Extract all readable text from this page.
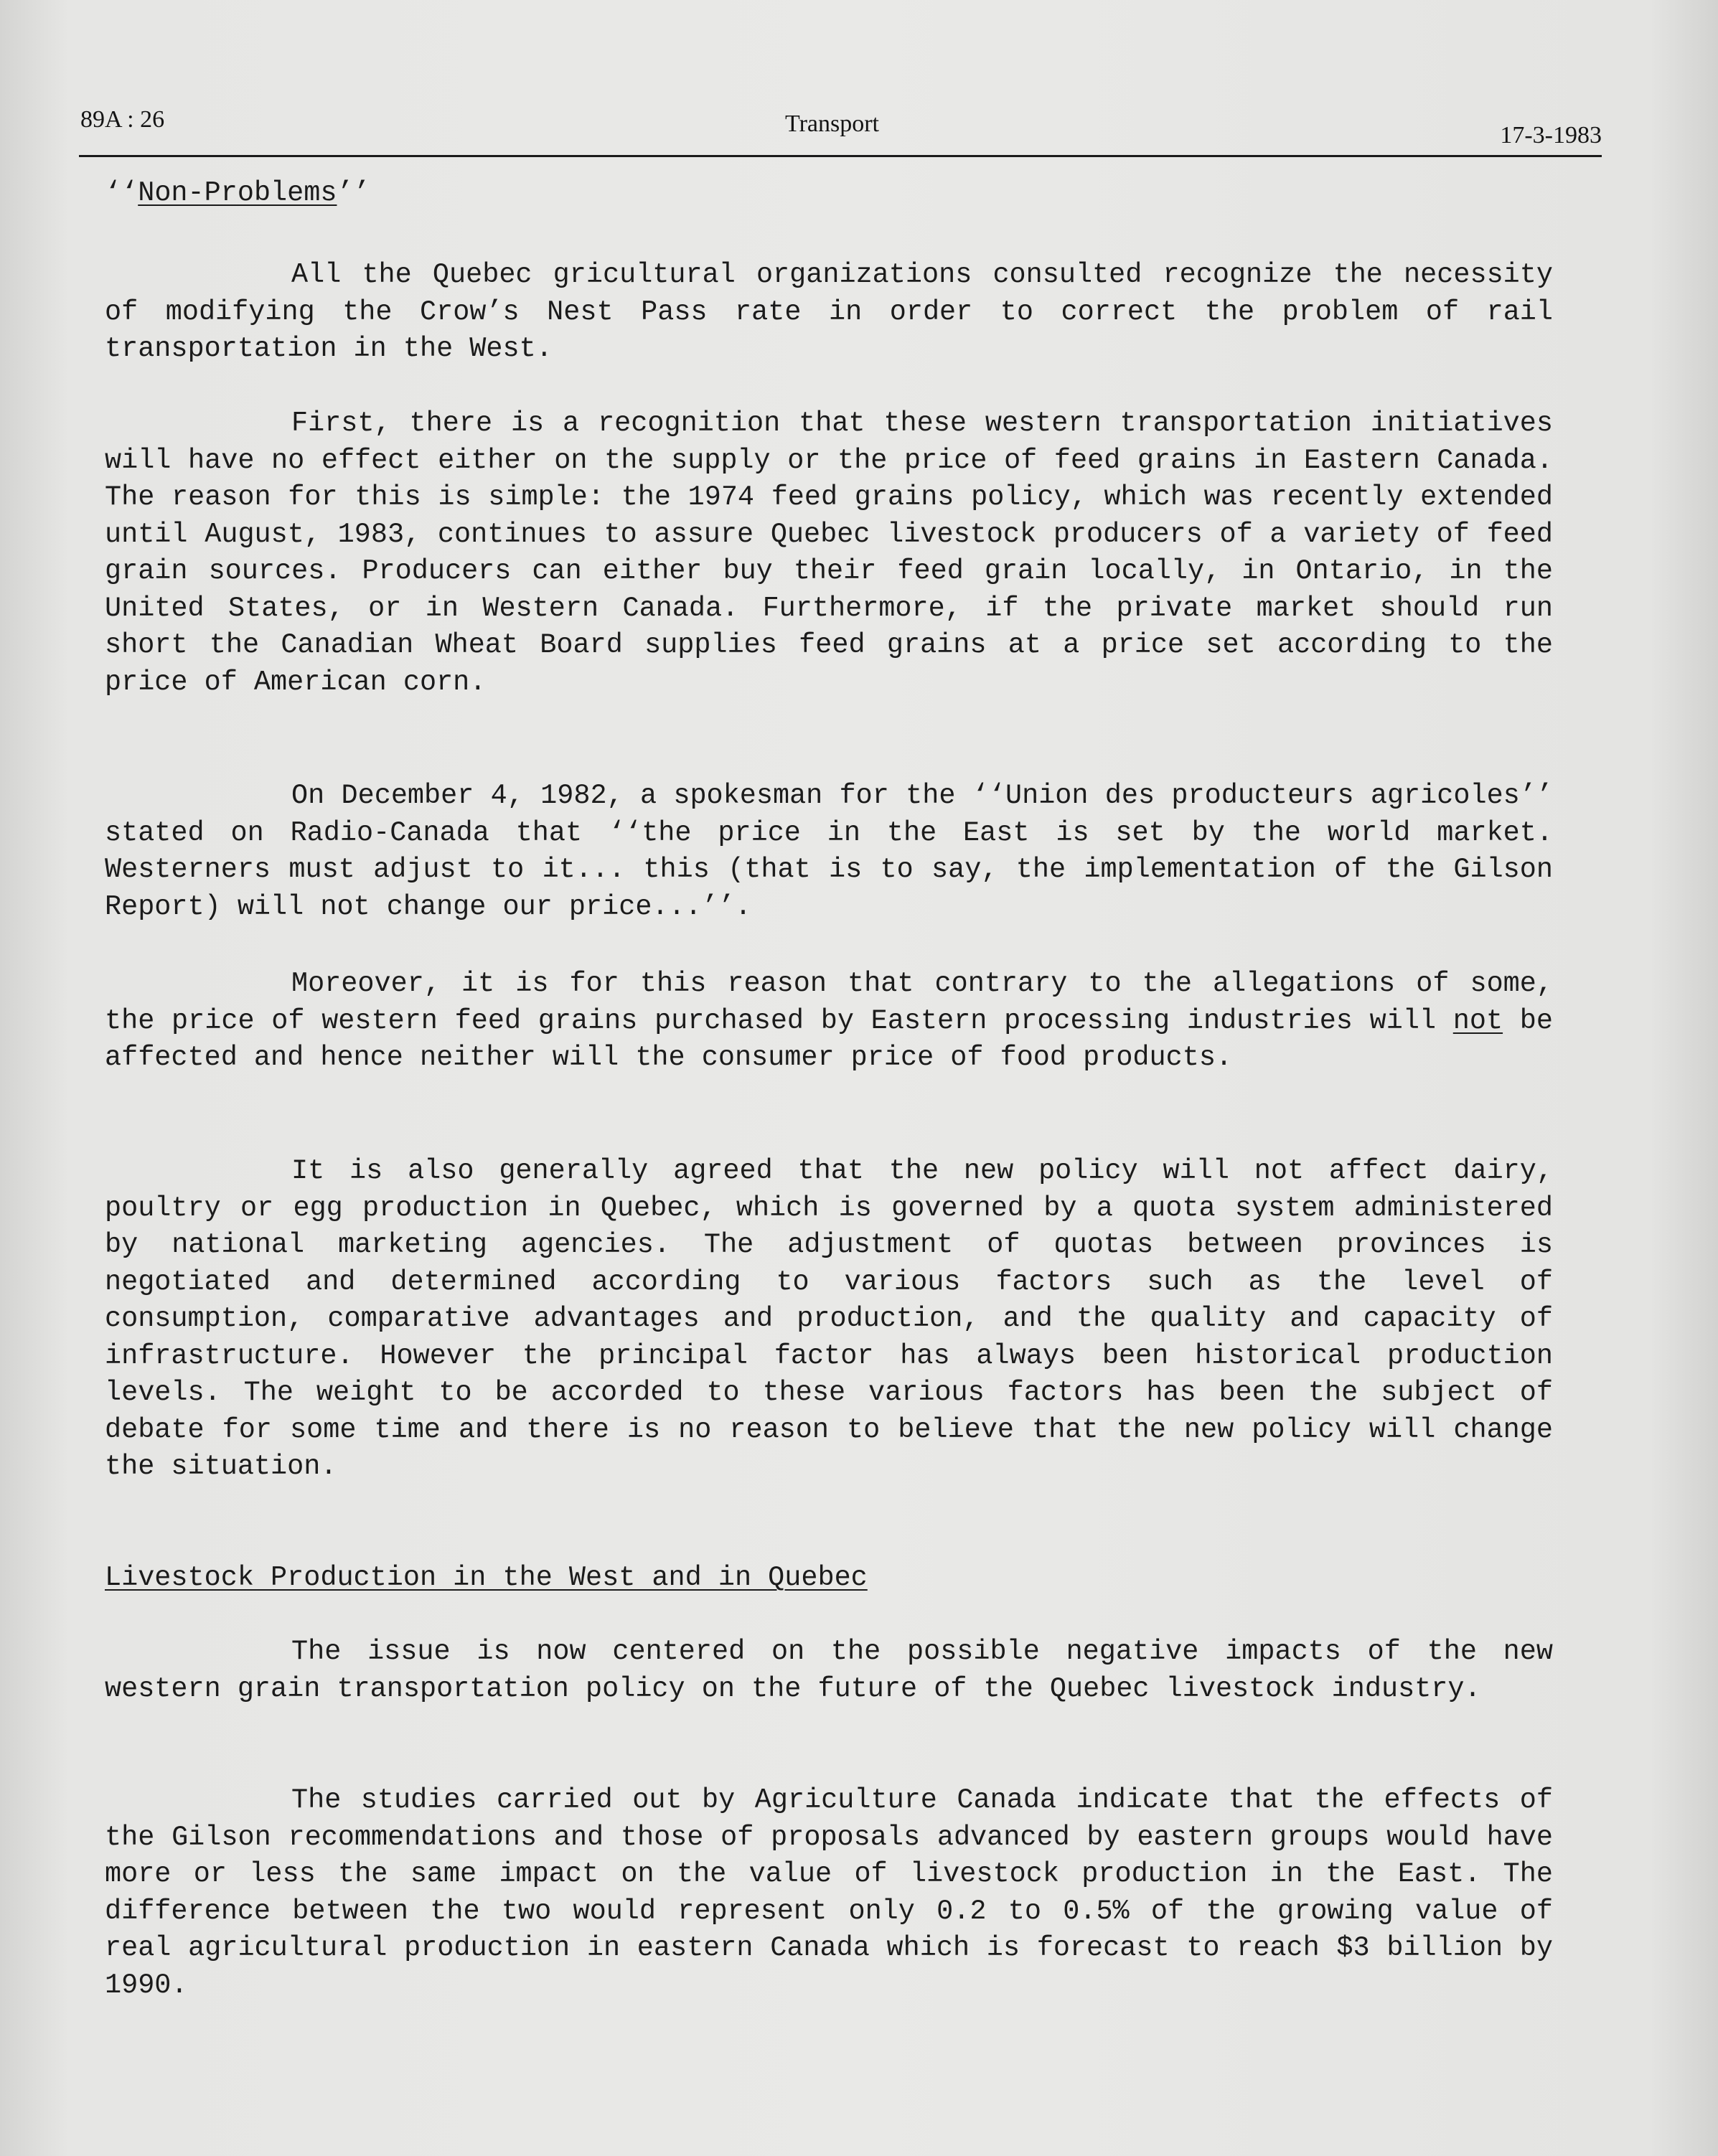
89A : 26	Transport	17-3-1983

‘‘Non-Problems’’

All the Quebec gricultural organizations consulted recognize the necessity of modifying the Crow’s Nest Pass rate in order to correct the problem of rail transportation in the West.

First, there is a recognition that these western transportation initiatives will have no effect either on the supply or the price of feed grains in Eastern Canada. The reason for this is simple: the 1974 feed grains policy, which was recently extended until August, 1983, continues to assure Quebec livestock producers of a variety of feed grain sources. Producers can either buy their feed grain locally, in Ontario, in the United States, or in Western Canada. Furthermore, if the private market should run short the Canadian Wheat Board supplies feed grains at a price set according to the price of American corn.

On December 4, 1982, a spokesman for the ‘‘Union des producteurs agricoles’’ stated on Radio-Canada that ‘‘the price in the East is set by the world market. Westerners must adjust to it... this (that is to say, the implementation of the Gilson Report) will not change our price...’’.

Moreover, it is for this reason that contrary to the allegations of some, the price of western feed grains purchased by Eastern processing industries will not be affected and hence neither will the consumer price of food products.

It is also generally agreed that the new policy will not affect dairy, poultry or egg production in Quebec, which is governed by a quota system administered by national marketing agencies. The adjustment of quotas between provinces is negotiated and determined according to various factors such as the level of consumption, comparative advantages and production, and the quality and capacity of infrastructure. However the principal factor has always been historical production levels. The weight to be accorded to these various factors has been the subject of debate for some time and there is no reason to believe that the new policy will change the situation.

Livestock Production in the West and in Quebec

The issue is now centered on the possible negative impacts of the new western grain transportation policy on the future of the Quebec livestock industry.

The studies carried out by Agriculture Canada indicate that the effects of the Gilson recommendations and those of proposals advanced by eastern groups would have more or less the same impact on the value of livestock production in the East. The difference between the two would represent only 0.2 to 0.5% of the growing value of real agricultural production in eastern Canada which is forecast to reach $3 billion by 1990.
